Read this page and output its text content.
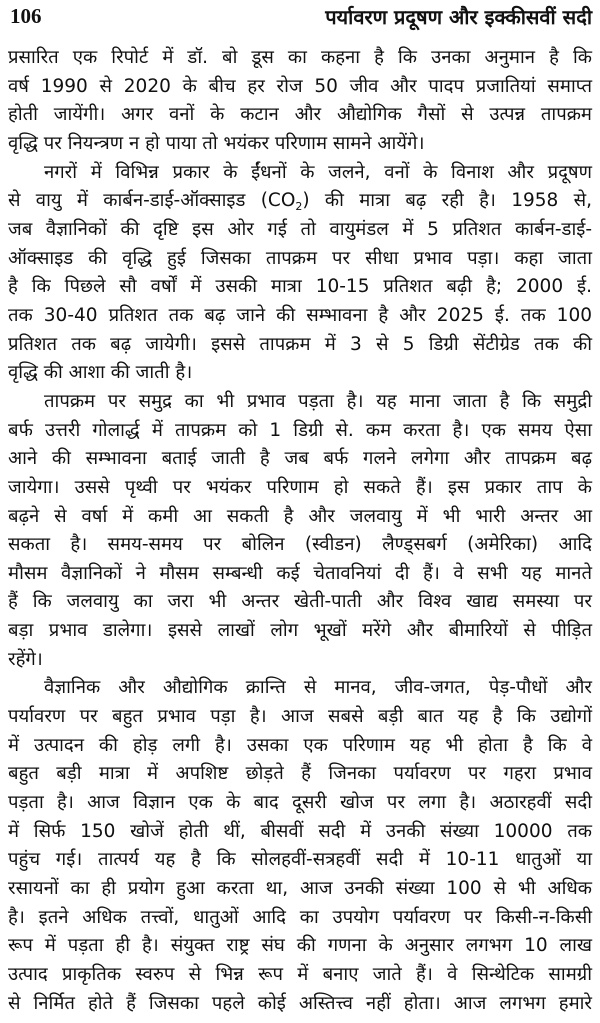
106	पर्यावरण प्रदूषण और इक्कीसवीं सदी
प्रसारित एक रिपोर्ट में डॉ. बो डूस का कहना है कि उनका अनुमान है कि
वर्ष 1990 से 2020 के बीच हर रोज 50 जीव और पादप प्रजातियां समाप्त
होती जायेंगी। अगर वनों के कटान और औद्योगिक गैसों से उत्पन्न तापक्रम
वृद्धि पर नियन्त्रण न हो पाया तो भयंकर परिणाम सामने आयेंगे।
नगरों में विभिन्न प्रकार के ईंधनों के जलने, वनों के विनाश और प्रदूषण
से वायु में कार्बन-डाई-ऑक्साइड $(CO_2)$ की मात्रा बढ़ रही है। 1958 से,
जब वैज्ञानिकों की दृष्टि इस ओर गई तो वायुमंडल में 5 प्रतिशत कार्बन-डाई-
ऑक्साइड की वृद्धि हुई जिसका तापक्रम पर सीधा प्रभाव पड़ा। कहा जाता
है कि पिछले सौ वर्षों में उसकी मात्रा 10-15 प्रतिशत बढ़ी है; 2000 ई.
तक 30-40 प्रतिशत तक बढ़ जाने की सम्भावना है और 2025 ई. तक 100
प्रतिशत तक बढ़ जायेगी। इससे तापक्रम में 3 से 5 डिग्री सेंटीग्रेड तक की
वृद्धि की आशा की जाती है।
तापक्रम पर समुद्र का भी प्रभाव पड़ता है। यह माना जाता है कि समुद्री
बर्फ उत्तरी गोलार्द्ध में तापक्रम को 1 डिग्री से. कम करता है। एक समय ऐसा
आने की सम्भावना बताई जाती है जब बर्फ गलने लगेगा और तापक्रम बढ़
जायेगा। उससे पृथ्वी पर भयंकर परिणाम हो सकते हैं। इस प्रकार ताप के
बढ़ने से वर्षा में कमी आ सकती है और जलवायु में भी भारी अन्तर आ
सकता है। समय-समय पर बोलिन (स्वीडन) लैण्ड्सबर्ग (अमेरिका) आदि
मौसम वैज्ञानिकों ने मौसम सम्बन्धी कई चेतावनियां दी हैं। वे सभी यह मानते
हैं कि जलवायु का जरा भी अन्तर खेती-पाती और विश्व खाद्य समस्या पर
बड़ा प्रभाव डालेगा। इससे लाखों लोग भूखों मरेंगे और बीमारियों से पीड़ित
रहेंगे।
वैज्ञानिक और औद्योगिक क्रान्ति से मानव, जीव-जगत, पेड़-पौधों और
पर्यावरण पर बहुत प्रभाव पड़ा है। आज सबसे बड़ी बात यह है कि उद्योगों
में उत्पादन की होड़ लगी है। उसका एक परिणाम यह भी होता है कि वे
बहुत बड़ी मात्रा में अपशिष्ट छोड़ते हैं जिनका पर्यावरण पर गहरा प्रभाव
पड़ता है। आज विज्ञान एक के बाद दूसरी खोज पर लगा है। अठारहवीं सदी
में सिर्फ 150 खोजें होती थीं, बीसवीं सदी में उनकी संख्या 10000 तक
पहुंच गई। तात्पर्य यह है कि सोलहवीं-सत्रहवीं सदी में 10-11 धातुओं या
रसायनों का ही प्रयोग हुआ करता था, आज उनकी संख्या 100 से भी अधिक
है। इतने अधिक तत्त्वों, धातुओं आदि का उपयोग पर्यावरण पर किसी-न-किसी
रूप में पड़ता ही है। संयुक्त राष्ट्र संघ की गणना के अनुसार लगभग 10 लाख
उत्पाद प्राकृतिक स्वरुप से भिन्न रूप में बनाए जाते हैं। वे सिन्थेटिक सामग्री
से निर्मित होते हैं जिसका पहले कोई अस्तित्त्व नहीं होता। आज लगभग हमारे
